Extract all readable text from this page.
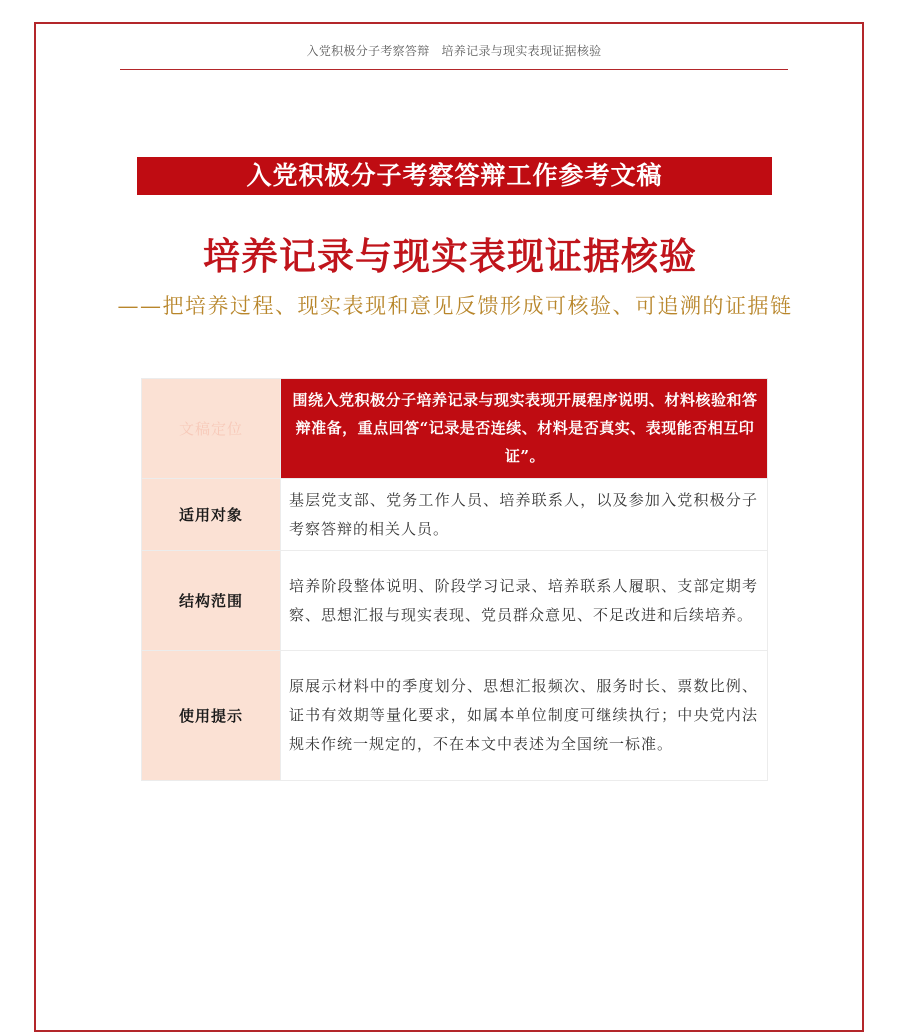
入党积极分子考察答辩 培养记录与现实表现证据核验
入党积极分子考察答辩工作参考文稿
培养记录与现实表现证据核验
——把培养过程、现实表现和意见反馈形成可核验、可追溯的证据链
文稿定位	围绕入党积极分子培养记录与现实表现开展程序说明、材料核验和答辩准备，重点回答“记录是否连续、材料是否真实、表现能否相互印证”。
适用对象	基层党支部、党务工作人员、培养联系人，以及参加入党积极分子考察答辩的相关人员。
结构范围	培养阶段整体说明、阶段学习记录、培养联系人履职、支部定期考察、思想汇报与现实表现、党员群众意见、不足改进和后续培养。
使用提示	原展示材料中的季度划分、思想汇报频次、服务时长、票数比例、证书有效期等量化要求，如属本单位制度可继续执行；中央党内法规未作统一规定的，不在本文中表述为全国统一标准。
